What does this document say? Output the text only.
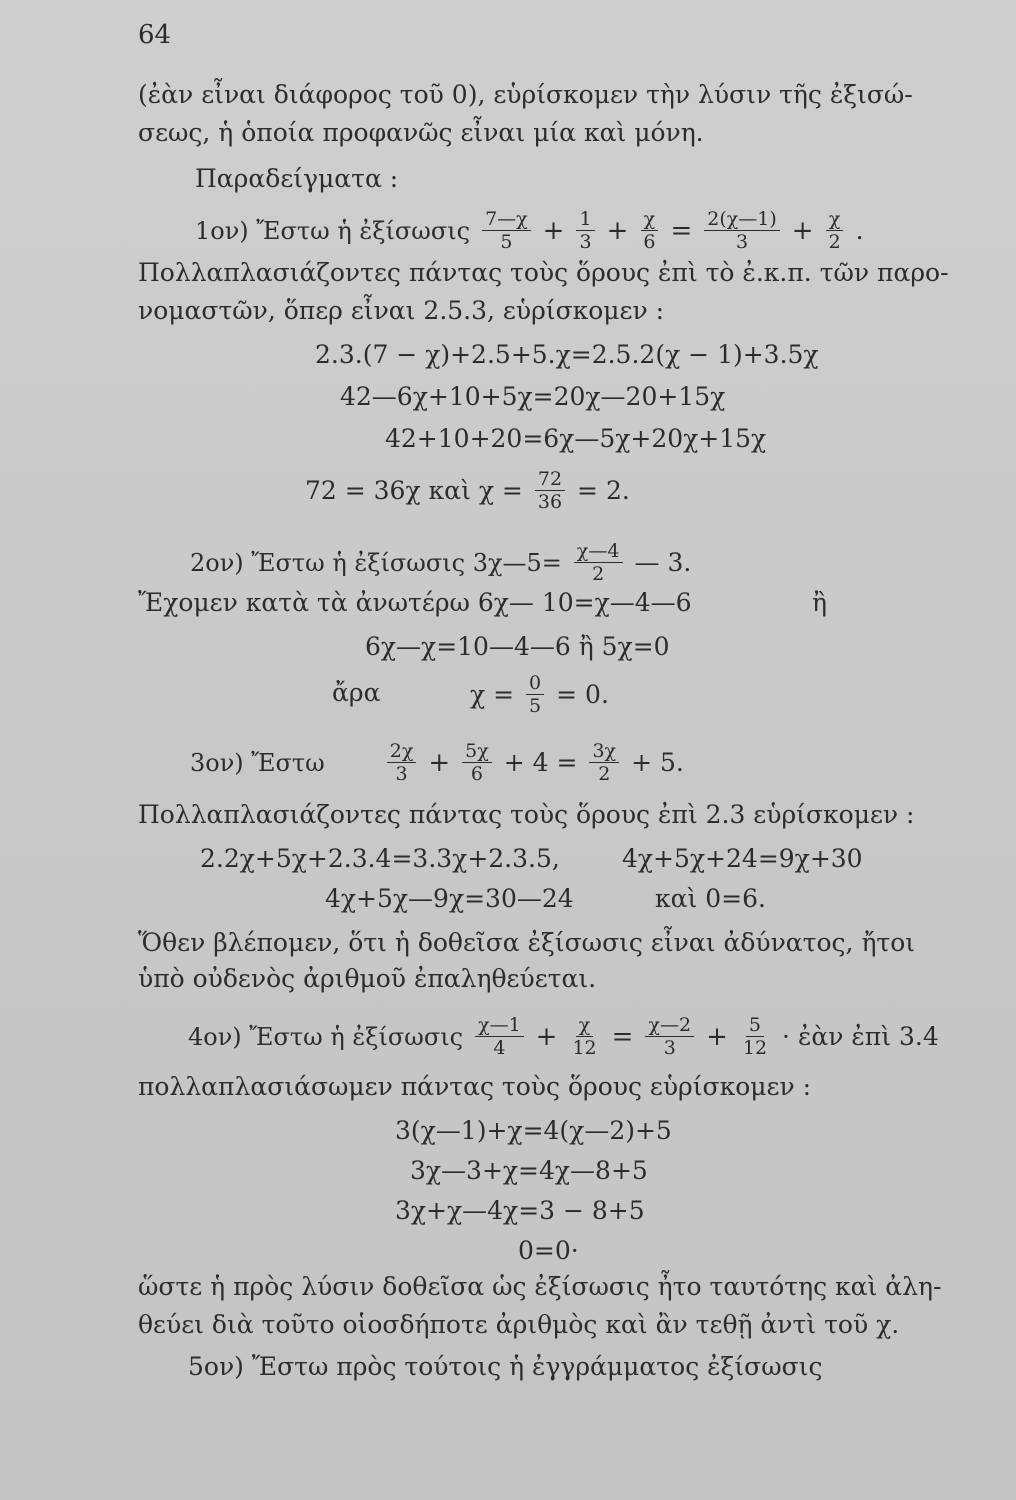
64
(ἐὰν εἶναι διάφορος τοῦ 0), εὑρίσκομεν τὴν λύσιν τῆς ἐξισώ-
σεως, ἡ ὁποία προφανῶς εἶναι μία καὶ μόνη.
Παραδείγματα :
1ον) Ἔστω ἡ ἐξίσωσις $\frac{7—\chi}{5} + \frac{1}{3} + \frac{\chi}{6} = \frac{2(\chi—1)}{3} + \frac{\chi}{2}$ .
Πολλαπλασιάζοντες πάντας τοὺς ὅρους ἐπὶ τὸ ἐ.κ.π. τῶν παρο-
νομαστῶν, ὅπερ εἶναι 2.5.3, εὑρίσκομεν :
2.3.(7 − χ)+2.5+5.χ=2.5.2(χ − 1)+3.5χ
42—6χ+10+5χ=20χ—20+15χ
42+10+20=6χ—5χ+20χ+15χ
72 = 36χ καὶ $\chi = \frac{72}{36} = 2$.
2ον) Ἔστω ἡ ἐξίσωσις 3χ—5= $\frac{\chi—4}{2}$ — 3.
Ἔχομεν κατὰ τὰ ἀνωτέρω 6χ— 10=χ—4—6	ἢ
6χ—χ=10—4—6 ἢ 5χ=0
ἄρα	$\chi = \frac{0}{5} = 0$.
3ον) Ἔστω	$\frac{2\chi}{3} + \frac{5\chi}{6} + 4 = \frac{3\chi}{2} + 5$.
Πολλαπλασιάζοντες πάντας τοὺς ὅρους ἐπὶ 2.3 εὑρίσκομεν :
2.2χ+5χ+2.3.4=3.3χ+2.3.5, 4χ+5χ+24=9χ+30
4χ+5χ—9χ=30—24	καὶ 0=6.
Ὅθεν βλέπομεν, ὅτι ἡ δοθεῖσα ἐξίσωσις εἶναι ἀδύνατος, ἤτοι
ὑπὸ οὐδενὸς ἀριθμοῦ ἐπαληθεύεται.
4ον) Ἔστω ἡ ἐξίσωσις $\frac{\chi—1}{4} + \frac{\chi}{12} = \frac{\chi—2}{3} + \frac{5}{12}$ · ἐὰν ἐπὶ 3.4
πολλαπλασιάσωμεν πάντας τοὺς ὅρους εὑρίσκομεν :
3(χ—1)+χ=4(χ—2)+5
3χ—3+χ=4χ—8+5
3χ+χ—4χ=3 − 8+5
0=0·
ὥστε ἡ πρὸς λύσιν δοθεῖσα ὡς ἐξίσωσις ἦτο ταυτότης καὶ ἀλη-
θεύει διὰ τοῦτο οἱοσδήποτε ἀριθμὸς καὶ ἂν τεθῇ ἀντὶ τοῦ χ.
5ον) Ἔστω πρὸς τούτοις ἡ ἐγγράμματος ἐξίσωσις
